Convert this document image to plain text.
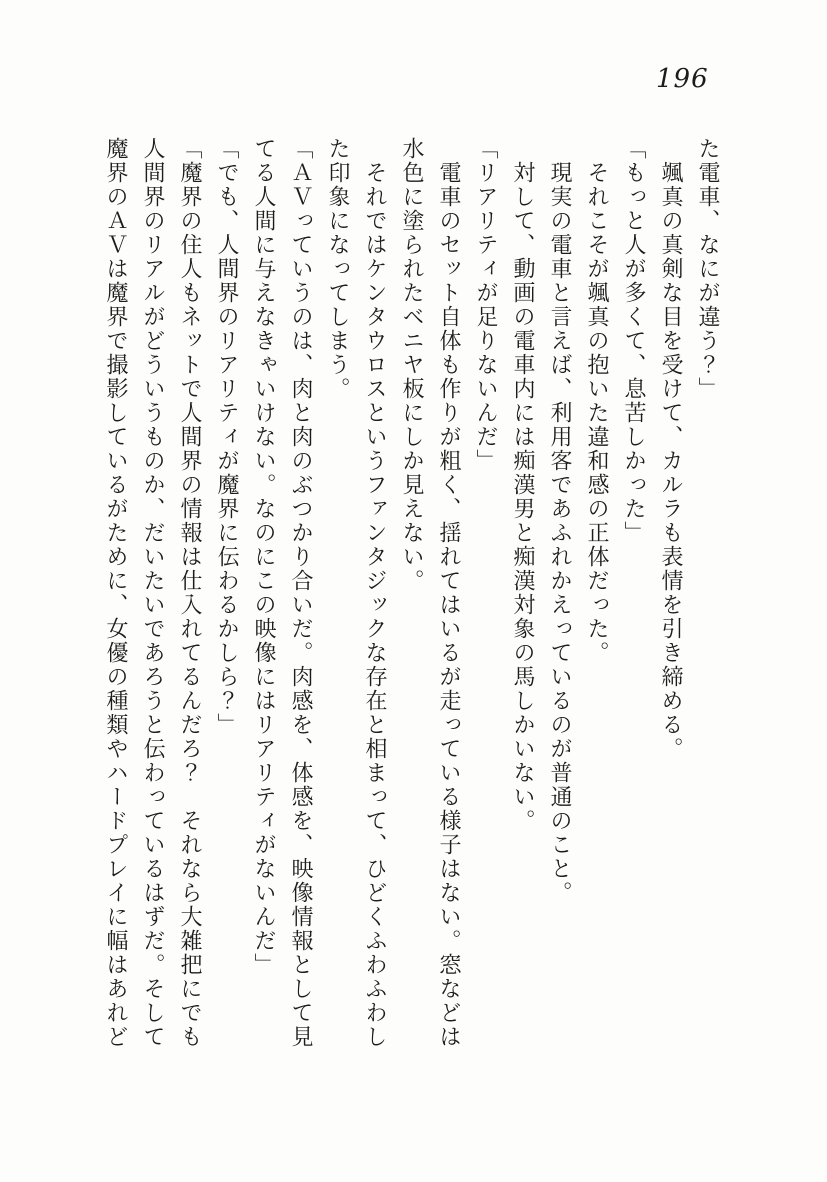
196

た電車、なにが違う？」

颯真の真剣な目を受けて、カルラも表情を引き締める。

「もっと人が多くて、息苦しかった」

それこそが颯真の抱いた違和感の正体だった。

現実の電車と言えば、利用客であふれかえっているのが普通のこと。

対して、動画の電車内には痴漢男と痴漢対象の馬しかいない。

「リアリティが足りないんだ」

電車のセット自体も作りが粗く、揺れてはいるが走っている様子はない。窓などは水色に塗られたベニヤ板にしか見えない。

それではケンタウロスというファンタジックな存在と相まって、ひどくふわふわした印象になってしまう。

「ＡＶっていうのは、肉と肉のぶつかり合いだ。肉感を、体感を、映像情報として見てる人間に与えなきゃいけない。なのにこの映像にはリアリティがないんだ」

「でも、人間界のリアリティが魔界に伝わるかしら？」

「魔界の住人もネットで人間界の情報は仕入れてるんだろ？　それなら大雑把にでも人間界のリアルがどういうものか、だいたいであろうと伝わっているはずだ。そして魔界のＡＶは魔界で撮影しているがために、女優の種類やハードプレイに幅はあれど
